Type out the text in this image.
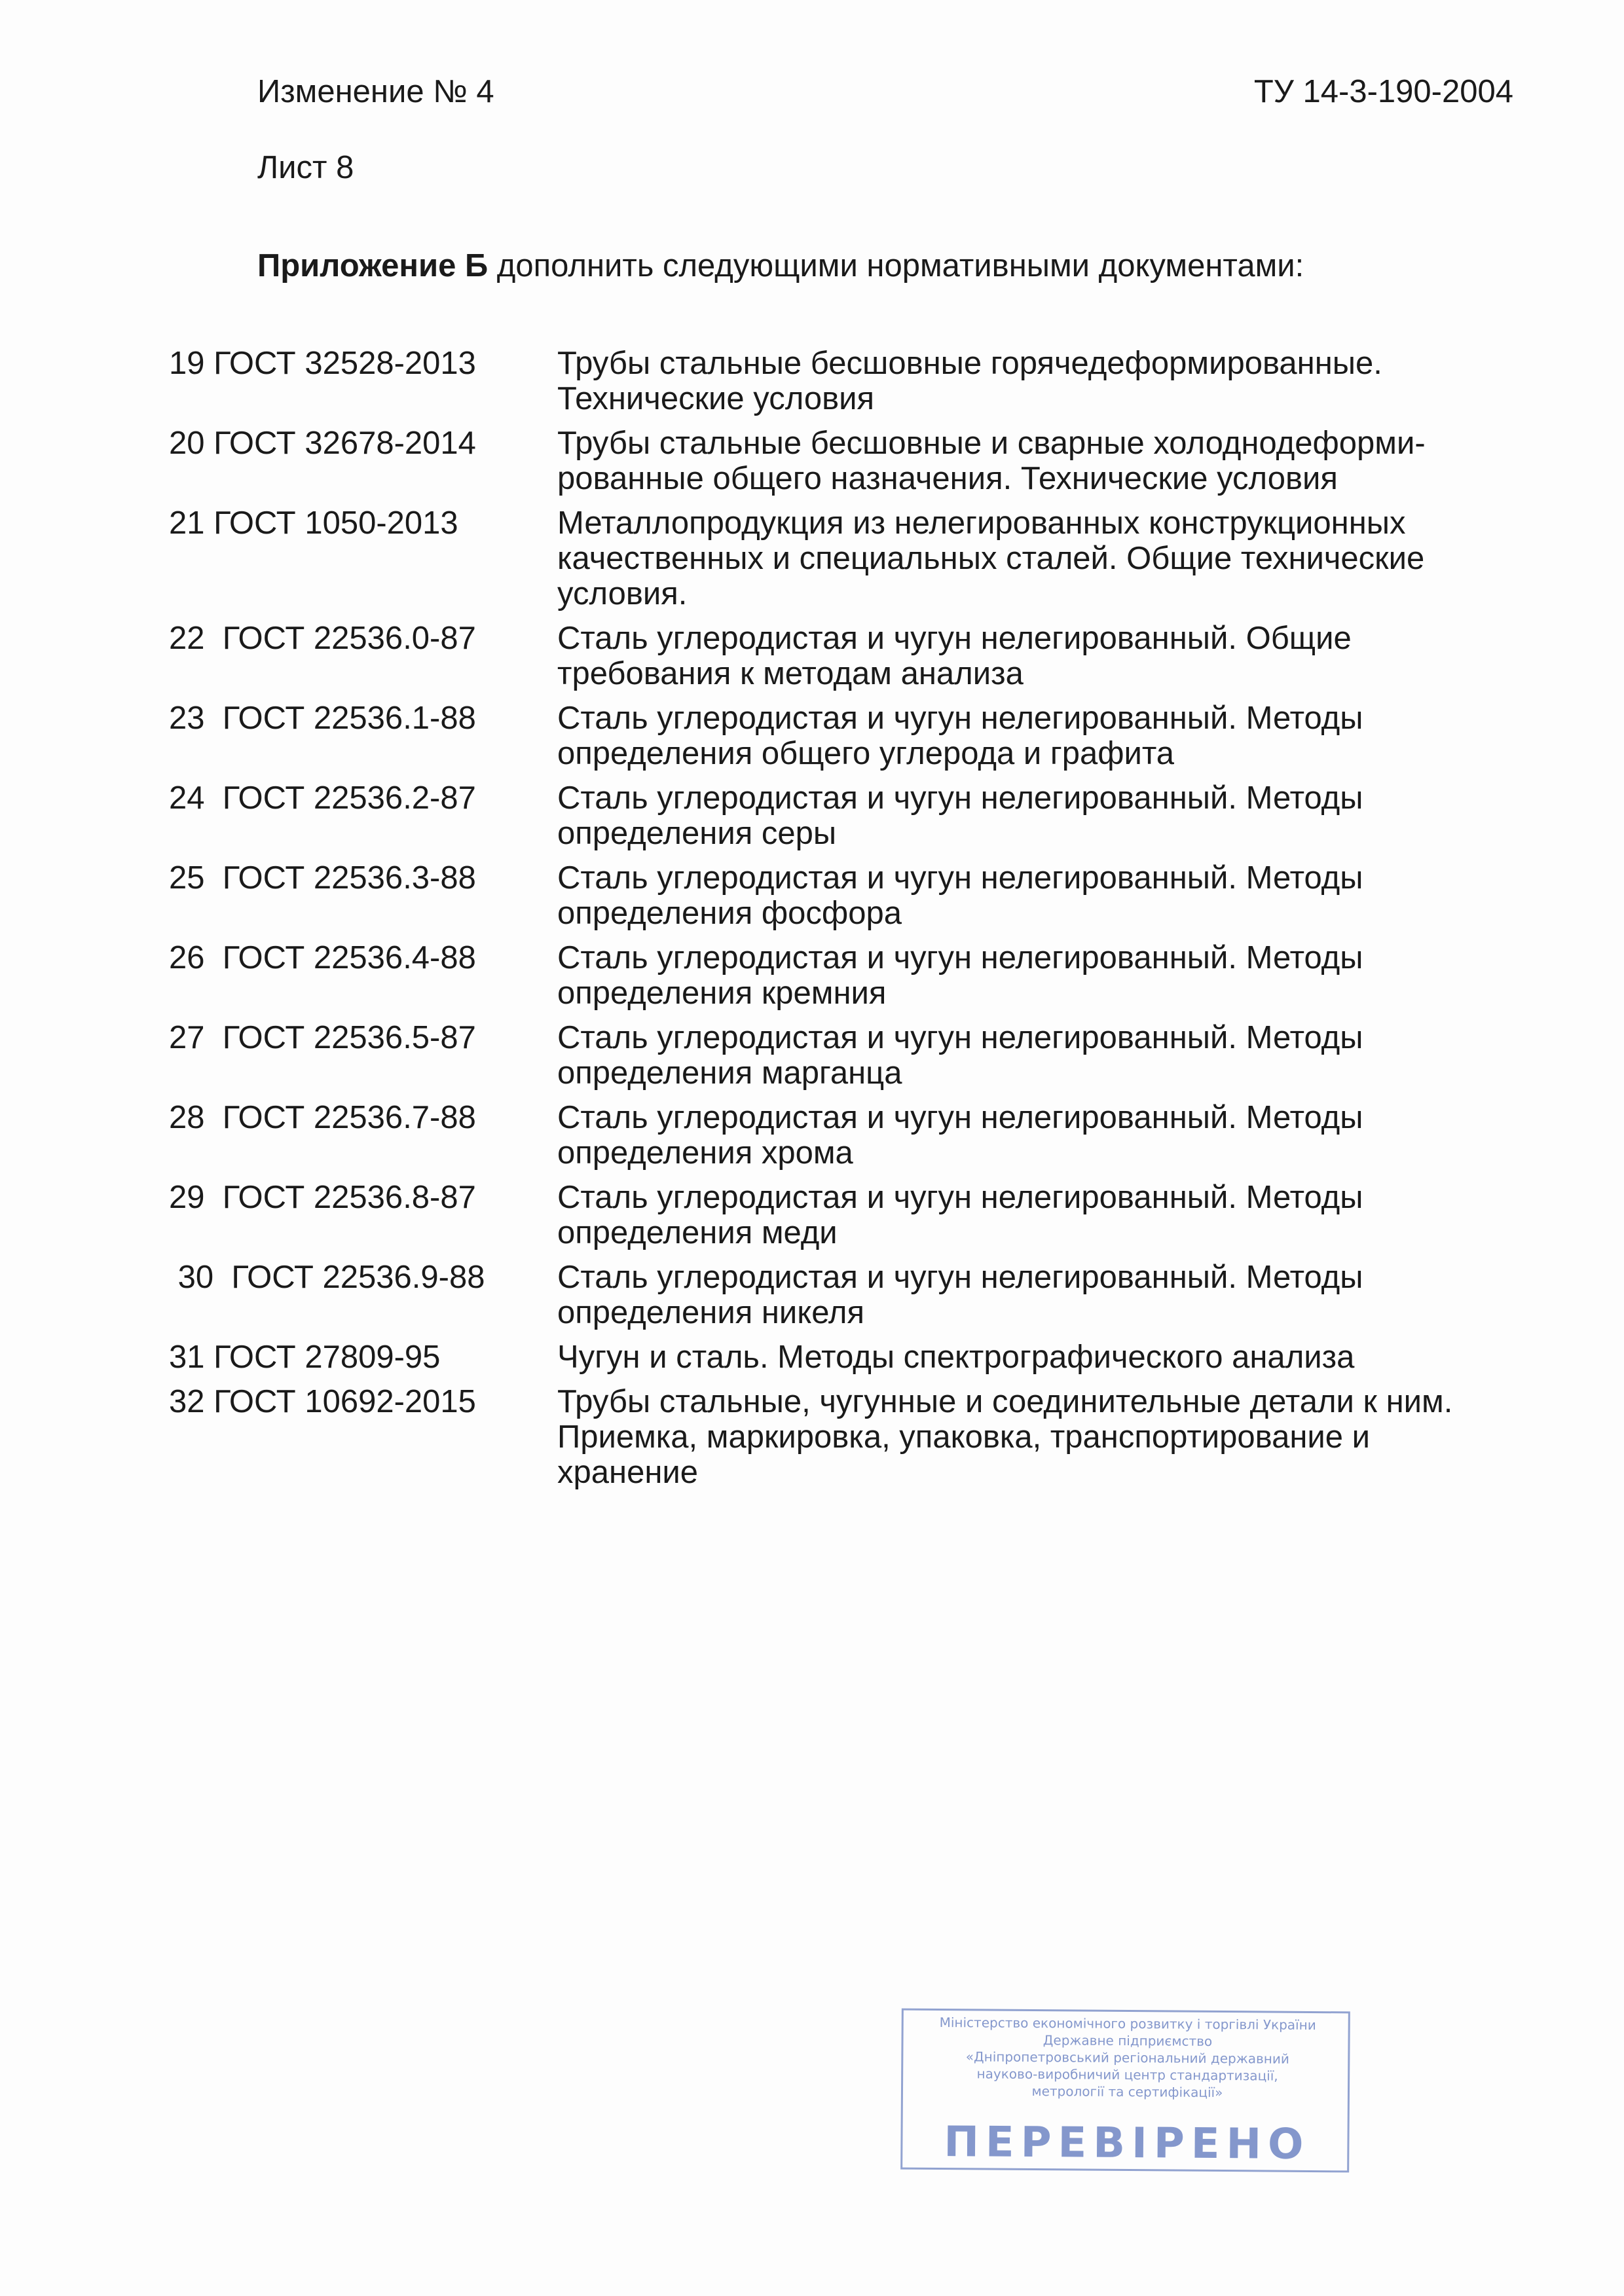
Изменение № 4	ТУ 14-3-190-2004
Лист 8
Приложение Б дополнить следующими нормативными документами:
19 ГОСТ 32528-2013	Трубы стальные бесшовные горячедеформированные.
Технические условия
20 ГОСТ 32678-2014	Трубы стальные бесшовные и сварные холоднодеформи-
рованные общего назначения. Технические условия
21 ГОСТ 1050-2013	Металлопродукция из нелегированных конструкционных
качественных и специальных сталей. Общие технические
условия.
22  ГОСТ 22536.0-87	Сталь углеродистая и чугун нелегированный. Общие
требования к методам анализа
23  ГОСТ 22536.1-88	Сталь углеродистая и чугун нелегированный. Методы
определения общего углерода и графита
24  ГОСТ 22536.2-87	Сталь углеродистая и чугун нелегированный. Методы
определения серы
25  ГОСТ 22536.3-88	Сталь углеродистая и чугун нелегированный. Методы
определения фосфора
26  ГОСТ 22536.4-88	Сталь углеродистая и чугун нелегированный. Методы
определения кремния
27  ГОСТ 22536.5-87	Сталь углеродистая и чугун нелегированный. Методы
определения марганца
28  ГОСТ 22536.7-88	Сталь углеродистая и чугун нелегированный. Методы
определения хрома
29  ГОСТ 22536.8-87	Сталь углеродистая и чугун нелегированный. Методы
определения меди
30  ГОСТ 22536.9-88	Сталь углеродистая и чугун нелегированный. Методы
определения никеля
31 ГОСТ 27809-95	Чугун и сталь. Методы спектрографического анализа
32 ГОСТ 10692-2015	Трубы стальные, чугунные и соединительные детали к ним.
Приемка, маркировка, упаковка, транспортирование и
хранение
Міністерство економічного розвитку і торгівлі України
Державне підприємство
«Дніпропетровський регіональний державний
науково-виробничий центр стандартизації,
метрології та сертифікації»
ПЕРЕВІРЕНО
